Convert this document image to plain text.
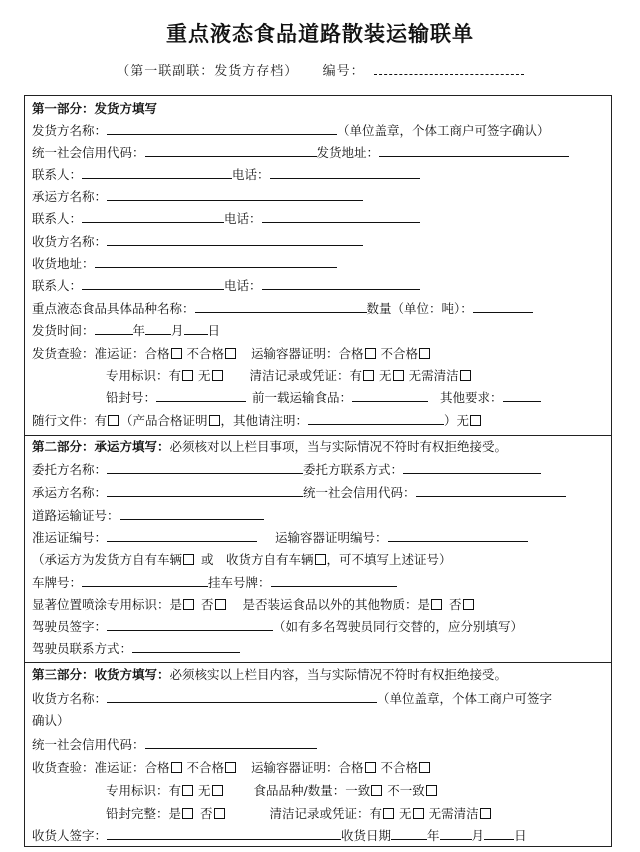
重点液态食品道路散装运输联单
（第一联副联：发货方存档） 编号：
第一部分：发货方填写
发货方名称：	（单位盖章，个体工商户可签字确认）
统一社会信用代码：	发货地址：
联系人：	电话：
承运方名称：
联系人：	电话：
收货方名称：
收货地址：
联系人：	电话：
重点液态食品具体品种名称：	数量（单位：吨）：
发货时间：	年 月 日
发货查验：准运证：合格 不合格 运输容器证明：合格 不合格
专用标识：有 无	清洁记录或凭证：有 无 无需清洁
铅封号：	前一载运输食品：	其他要求：
随行文件：有 （产品合格证明 ，其他请注明：	）无
第二部分：承运方填写：必须核对以上栏目事项，当与实际情况不符时有权拒绝接受。
委托方名称：	委托方联系方式：
承运方名称：	统一社会信用代码：
道路运输证号：
准运证编号：	运输容器证明编号：
（承运方为发货方自有车辆 或　收货方自有车辆 ，可不填写上述证号）
车牌号：	挂车号牌：
显著位置喷涂专用标识：是 否 是否装运食品以外的其他物质：是 否
驾驶员签字：	（如有多名驾驶员同行交替的，应分别填写）
驾驶员联系方式：
第三部分：收货方填写：必须核实以上栏目内容，当与实际情况不符时有权拒绝接受。
收货方名称：	（单位盖章，个体工商户可签字
确认）
统一社会信用代码：
收货查验：准运证：合格 不合格 运输容器证明：合格 不合格
专用标识：有 无	食品品种/数量：一致 不一致
铅封完整：是 否	清洁记录或凭证：有 无 无需清洁
收货人签字：	收货日期	年	月 日
